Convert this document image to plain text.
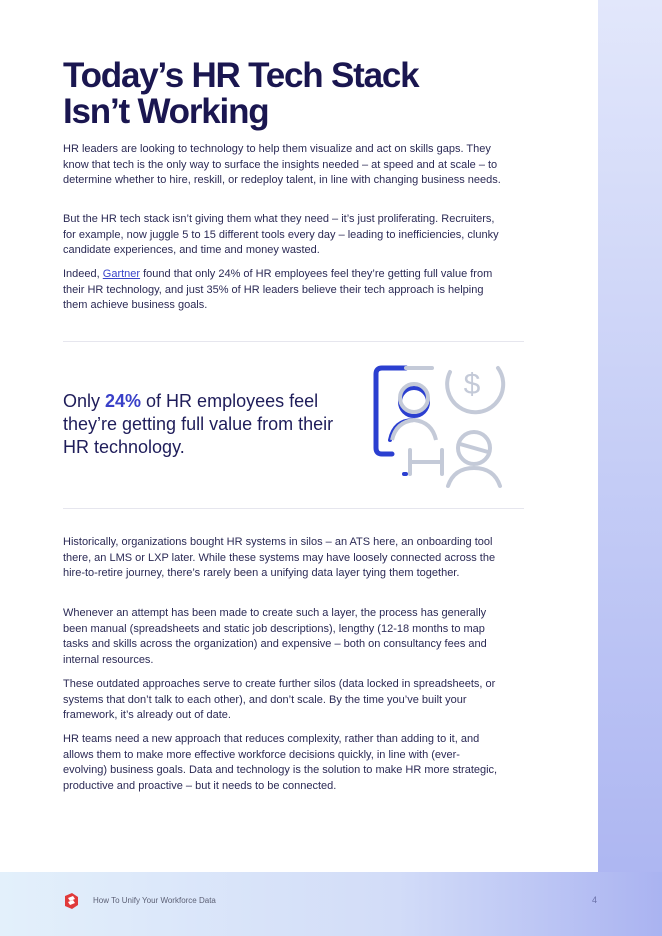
Today’s HR Tech Stack
Isn’t Working

HR leaders are looking to technology to help them visualize and act on skills gaps. They know that tech is the only way to surface the insights needed – at speed and at scale – to determine whether to hire, reskill, or redeploy talent, in line with changing business needs.

But the HR tech stack isn’t giving them what they need – it’s just proliferating. Recruiters, for example, now juggle 5 to 15 different tools every day – leading to inefficiencies, clunky candidate experiences, and time and money wasted.

Indeed, Gartner found that only 24% of HR employees feel they’re getting full value from their HR technology, and just 35% of HR leaders believe their tech approach is helping them achieve business goals.

Only 24% of HR employees feel they’re getting full value from their HR technology.

$

Historically, organizations bought HR systems in silos – an ATS here, an onboarding tool there, an LMS or LXP later. While these systems may have loosely connected across the hire-to-retire journey, there’s rarely been a unifying data layer tying them together.

Whenever an attempt has been made to create such a layer, the process has generally been manual (spreadsheets and static job descriptions), lengthy (12-18 months to map tasks and skills across the organization) and expensive – both on consultancy fees and internal resources.

These outdated approaches serve to create further silos (data locked in spreadsheets, or systems that don’t talk to each other), and don’t scale. By the time you’ve built your framework, it’s already out of date.

HR teams need a new approach that reduces complexity, rather than adding to it, and allows them to make more effective workforce decisions quickly, in line with (ever-evolving) business goals. Data and technology is the solution to make HR more strategic, productive and proactive – but it needs to be connected.

How To Unify Your Workforce Data	4
